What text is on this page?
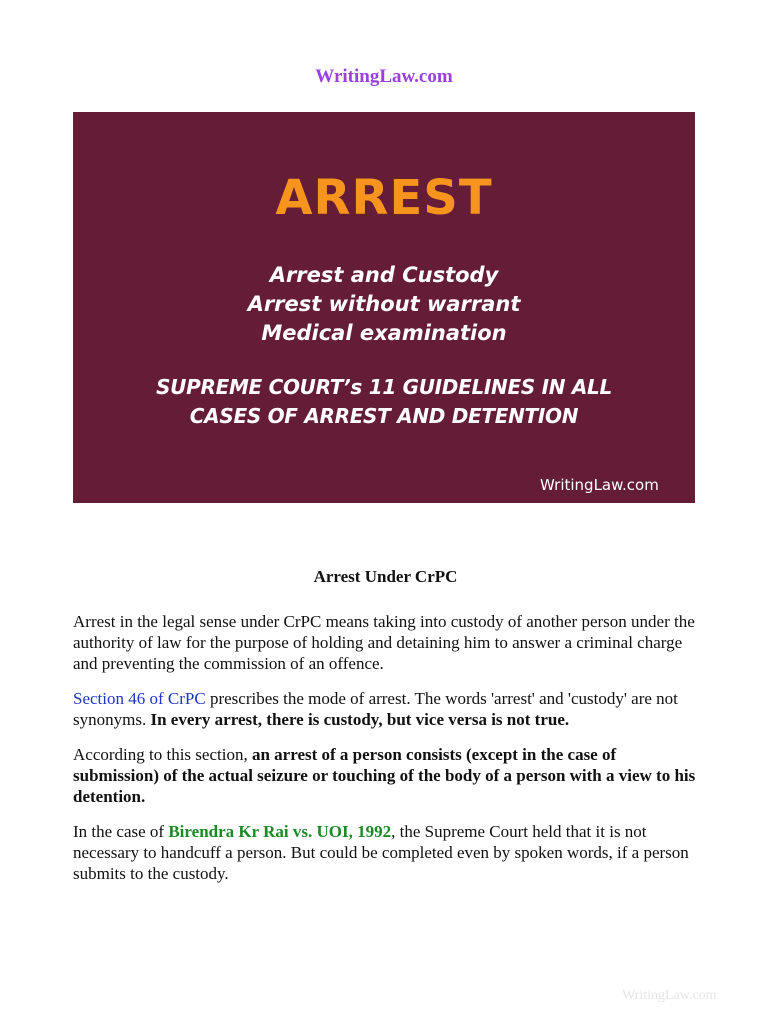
WritingLaw.com
ARREST
Arrest and Custody
Arrest without warrant
Medical examination
SUPREME COURT’s 11 GUIDELINES IN ALL
CASES OF ARREST AND DETENTION
WritingLaw.com
Arrest Under CrPC

Arrest in the legal sense under CrPC means taking into custody of another person under the authority of law for the purpose of holding and detaining him to answer a criminal charge and preventing the commission of an offence.

Section 46 of CrPC prescribes the mode of arrest. The words 'arrest' and 'custody' are not synonyms. In every arrest, there is custody, but vice versa is not true.

According to this section, an arrest of a person consists (except in the case of submission) of the actual seizure or touching of the body of a person with a view to his detention.

In the case of Birendra Kr Rai vs. UOI, 1992, the Supreme Court held that it is not necessary to handcuff a person. But could be completed even by spoken words, if a person submits to the custody.

WritingLaw.com
